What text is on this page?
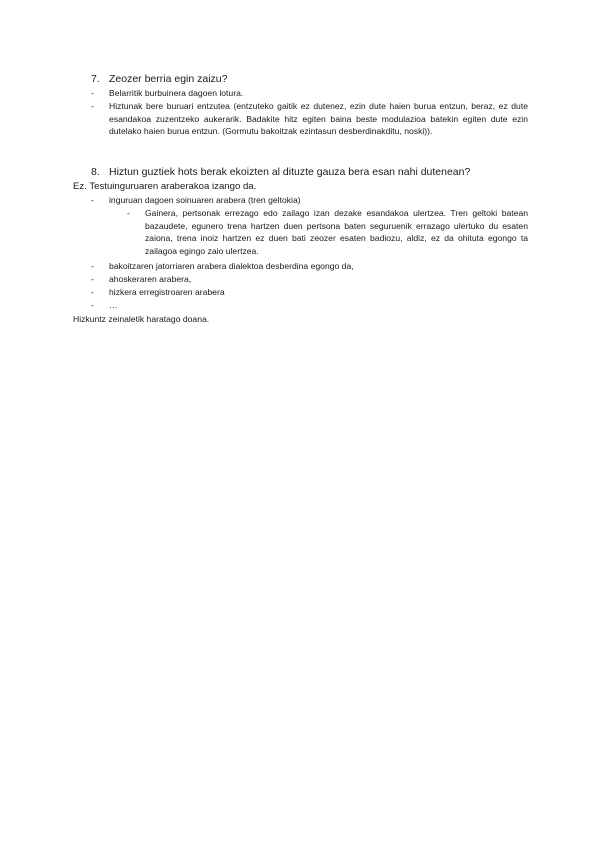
7. Zeozer berria egin zaizu?
- Belarritik burbuinera dagoen lotura.
- Hiztunak bere buruari entzutea (entzuteko gaitik ez dutenez, ezin dute haien burua entzun, beraz, ez dute esandakoa zuzentzeko aukerarik. Badakite hitz egiten baina beste modulazioa batekin egiten dute ezin dutelako haien burua entzun. (Gormutu bakoitzak ezintasun desberdinakditu, noski)).
8. Hiztun guztiek hots berak ekoizten al dituzte gauza bera esan nahi dutenean?
Ez. Testuinguruaren araberakoa izango da.
- inguruan dagoen soinuaren arabera (tren geltokia)
- Gainera, pertsonak errezago edo zailago izan dezake esandakoa ulertzea. Tren geltoki batean bazaudete, egunero trena hartzen duen pertsona baten seguruenik errazago ulertuko du esaten zaiona, trena inoiz hartzen ez duen bati zeozer esaten badiozu, aldiz, ez da ohituta egongo ta zailagoa egingo zaio ulertzea.
- bakoitzaren jatorriaren arabera dialektoa desberdina egongo da,
- ahoskeraren arabera,
- hizkera erregistroaren arabera
- …
Hizkuntz zeinaletik haratago doana.
